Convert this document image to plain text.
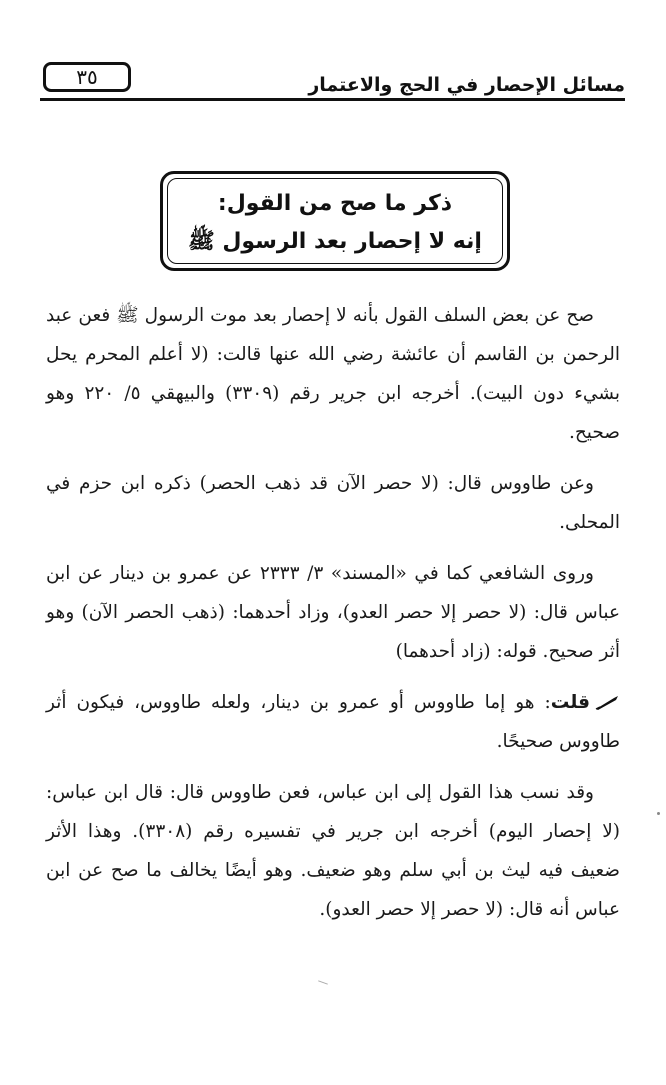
مسائل الإحصار في الحج والاعتمار
٣٥
ذكر ما صح من القول:
إنه لا إحصار بعد الرسول ﷺ

صح عن بعض السلف القول بأنه لا إحصار بعد موت الرسول ﷺ فعن عبد الرحمن بن القاسم أن عائشة رضي الله عنها قالت: (لا أعلم المحرم يحل بشيء دون البيت). أخرجه ابن جرير رقم (٣٣٠٩) والبيهقي ٥/ ٢٢٠ وهو صحيح.

وعن طاووس قال: (لا حصر الآن قد ذهب الحصر) ذكره ابن حزم في المحلى.

وروى الشافعي كما في «المسند» ٣/ ٢٣٣٣ عن عمرو بن دينار عن ابن عباس قال: (لا حصر إلا حصر العدو)، وزاد أحدهما: (ذهب الحصر الآن) وهو أثر صحيح. قوله: (زاد أحدهما)

قلت: هو إما طاووس أو عمرو بن دينار، ولعله طاووس، فيكون أثر طاووس صحيحًا.

وقد نسب هذا القول إلى ابن عباس، فعن طاووس قال: قال ابن عباس: (لا إحصار اليوم) أخرجه ابن جرير في تفسيره رقم (٣٣٠٨). وهذا الأثر ضعيف فيه ليث بن أبي سلم وهو ضعيف. وهو أيضًا يخالف ما صح عن ابن عباس أنه قال: (لا حصر إلا حصر العدو).
